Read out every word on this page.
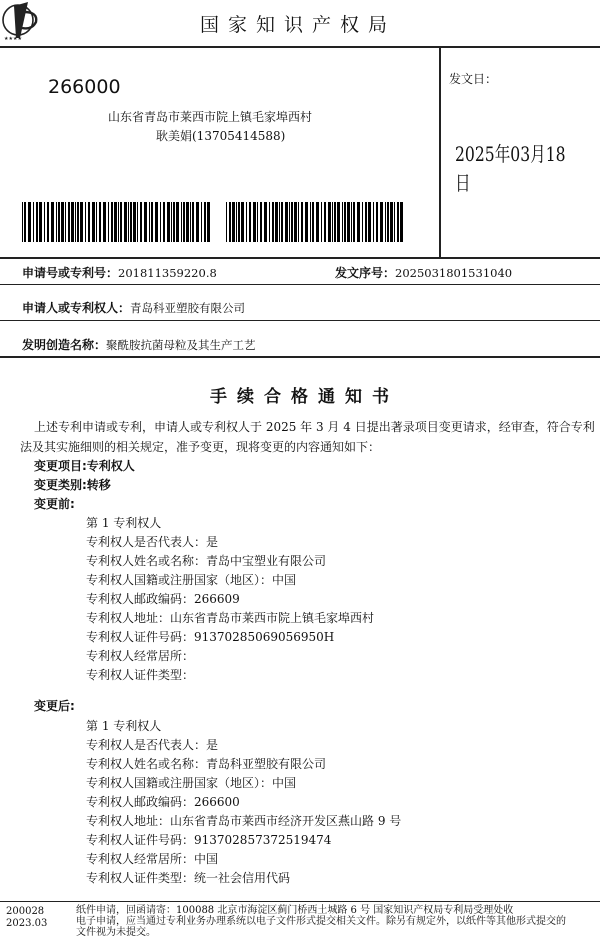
★★★★
国家知识产权局
266000
山东省青岛市莱西市院上镇毛家埠西村
耿美娟(13705414588)
发文日：
2025年03月18日
申请号或专利号：201811359220.8	发文序号：2025031801531040
申请人或专利权人：青岛科亚塑胶有限公司
发明创造名称：聚酰胺抗菌母粒及其生产工艺
手续合格通知书
上述专利申请或专利，申请人或专利权人于 2025 年 3 月 4 日提出著录项目变更请求，经审查，符合专利
法及其实施细则的相关规定，准予变更，现将变更的内容通知如下：
变更项目:专利权人
变更类别:转移
变更前:
第 1 专利权人
专利权人是否代表人：是
专利权人姓名或名称：青岛中宝塑业有限公司
专利权人国籍或注册国家（地区）：中国
专利权人邮政编码：266609
专利权人地址：山东省青岛市莱西市院上镇毛家埠西村
专利权人证件号码：91370285069056950H
专利权人经常居所：
专利权人证件类型：
变更后:
第 1 专利权人
专利权人是否代表人：是
专利权人姓名或名称：青岛科亚塑胶有限公司
专利权人国籍或注册国家（地区）：中国
专利权人邮政编码：266600
专利权人地址：山东省青岛市莱西市经济开发区燕山路 9 号
专利权人证件号码：913702857372519474
专利权人经常居所：中国
专利权人证件类型：统一社会信用代码
200028
2023.03
纸件申请，回函请寄：100088 北京市海淀区蓟门桥西土城路 6 号 国家知识产权局专利局受理处收
电子申请，应当通过专利业务办理系统以电子文件形式提交相关文件。除另有规定外，以纸件等其他形式提交的
文件视为未提交。
